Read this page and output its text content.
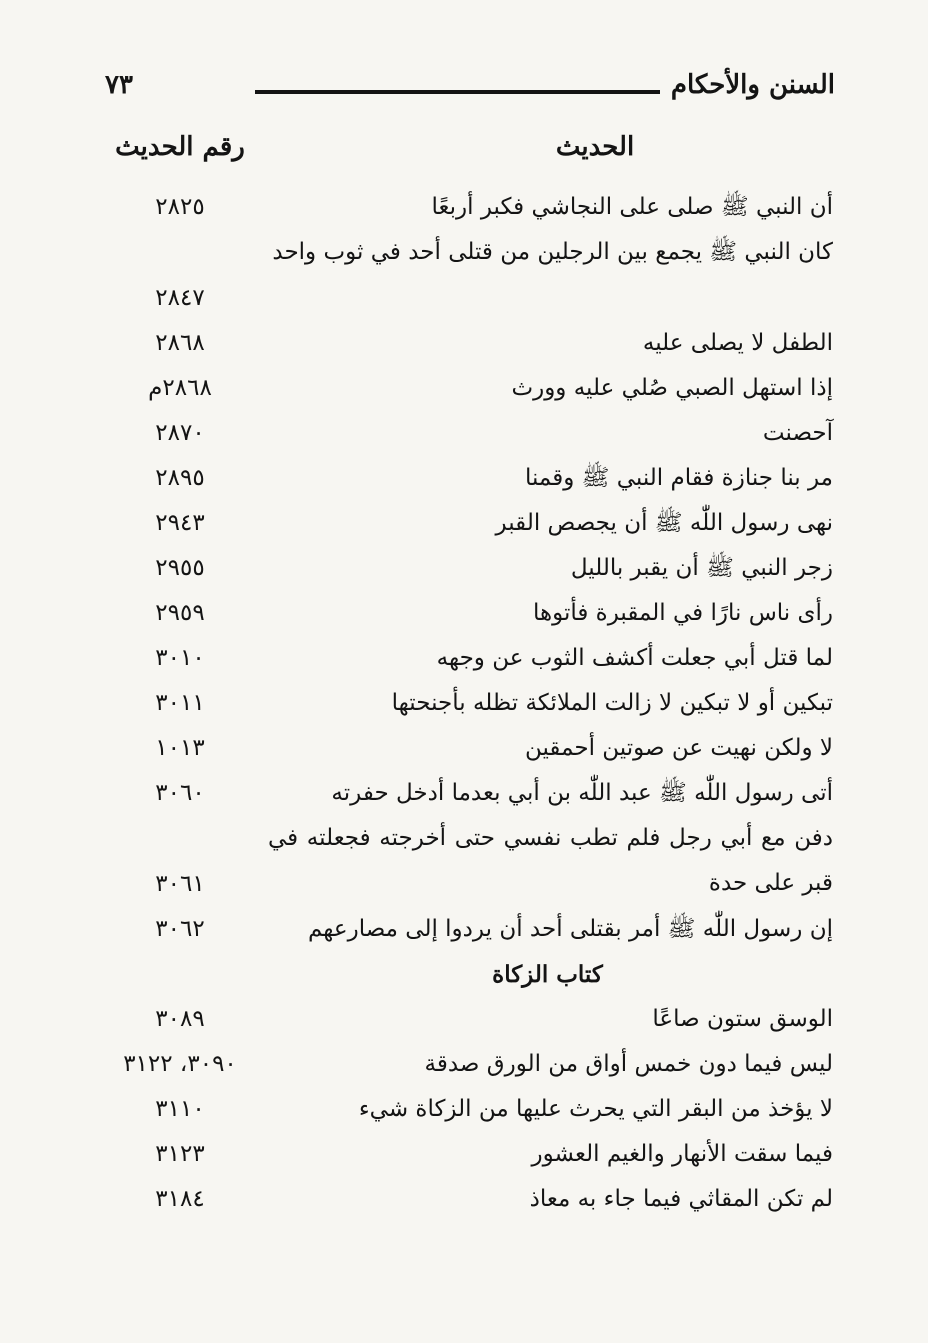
السنن والأحكام
٧٣
الحديث
رقم الحديث
أن النبي ﷺ صلى على النجاشي فكبر أربعًا
٢٨٢٥
كان النبي ﷺ يجمع بين الرجلين من قتلى أحد في ثوب واحد
٢٨٤٧
الطفل لا يصلى عليه
٢٨٦٨
إذا استهل الصبي صُلي عليه وورث
٢٨٦٨م
آحصنت
٢٨٧٠
مر بنا جنازة فقام النبي ﷺ وقمنا
٢٨٩٥
نهى رسول اللّٰه ﷺ أن يجصص القبر
٢٩٤٣
زجر النبي ﷺ أن يقبر بالليل
٢٩٥٥
رأى ناس نارًا في المقبرة فأتوها
٢٩٥٩
لما قتل أبي جعلت أكشف الثوب عن وجهه
٣٠١٠
تبكين أو لا تبكين لا زالت الملائكة تظله بأجنحتها
٣٠١١
لا ولكن نهيت عن صوتين أحمقين
١٠١٣
أتى رسول اللّٰه ﷺ عبد اللّٰه بن أبي بعدما أدخل حفرته
٣٠٦٠
دفن مع أبي رجل فلم تطب نفسي حتى أخرجته فجعلته في قبر على حدة
٣٠٦١
إن رسول اللّٰه ﷺ أمر بقتلى أحد أن يردوا إلى مصارعهم
٣٠٦٢
كتاب الزكاة
الوسق ستون صاعًا
٣٠٨٩
ليس فيما دون خمس أواق من الورق صدقة
٣٠٩٠، ٣١٢٢
لا يؤخذ من البقر التي يحرث عليها من الزكاة شيء
٣١١٠
فيما سقت الأنهار والغيم العشور
٣١٢٣
لم تكن المقاثي فيما جاء به معاذ
٣١٨٤
